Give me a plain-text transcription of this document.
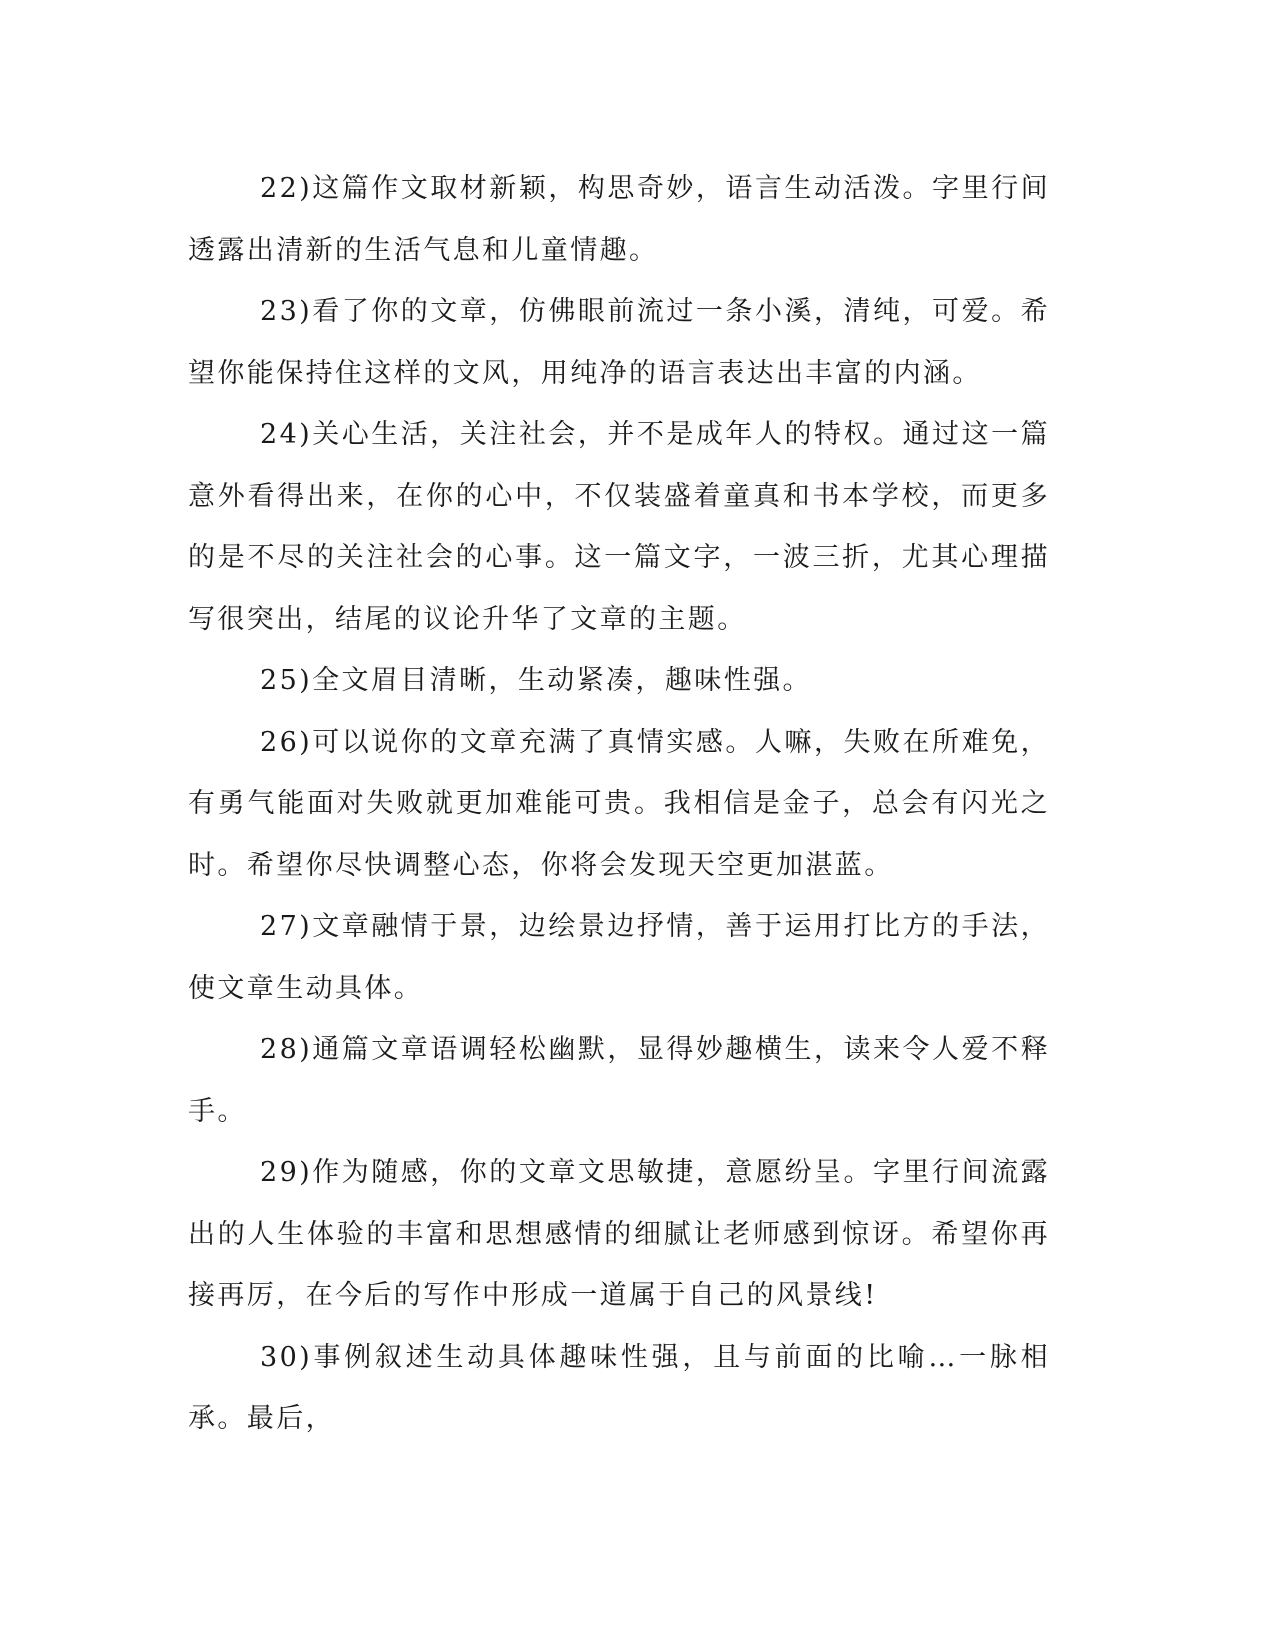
22)这篇作文取材新颖，构思奇妙，语言生动活泼。字里行间透露出清新的生活气息和儿童情趣。

23)看了你的文章，仿佛眼前流过一条小溪，清纯，可爱。希望你能保持住这样的文风，用纯净的语言表达出丰富的内涵。

24)关心生活，关注社会，并不是成年人的特权。通过这一篇意外看得出来，在你的心中，不仅装盛着童真和书本学校，而更多的是不尽的关注社会的心事。这一篇文字，一波三折，尤其心理描写很突出，结尾的议论升华了文章的主题。

25)全文眉目清晰，生动紧凑，趣味性强。

26)可以说你的文章充满了真情实感。人嘛，失败在所难免，有勇气能面对失败就更加难能可贵。我相信是金子，总会有闪光之时。希望你尽快调整心态，你将会发现天空更加湛蓝。

27)文章融情于景，边绘景边抒情，善于运用打比方的手法，使文章生动具体。

28)通篇文章语调轻松幽默，显得妙趣横生，读来令人爱不释手。

29)作为随感，你的文章文思敏捷，意愿纷呈。字里行间流露出的人生体验的丰富和思想感情的细腻让老师感到惊讶。希望你再接再厉，在今后的写作中形成一道属于自己的风景线!

30)事例叙述生动具体趣味性强，且与前面的比喻…一脉相承。最后，
